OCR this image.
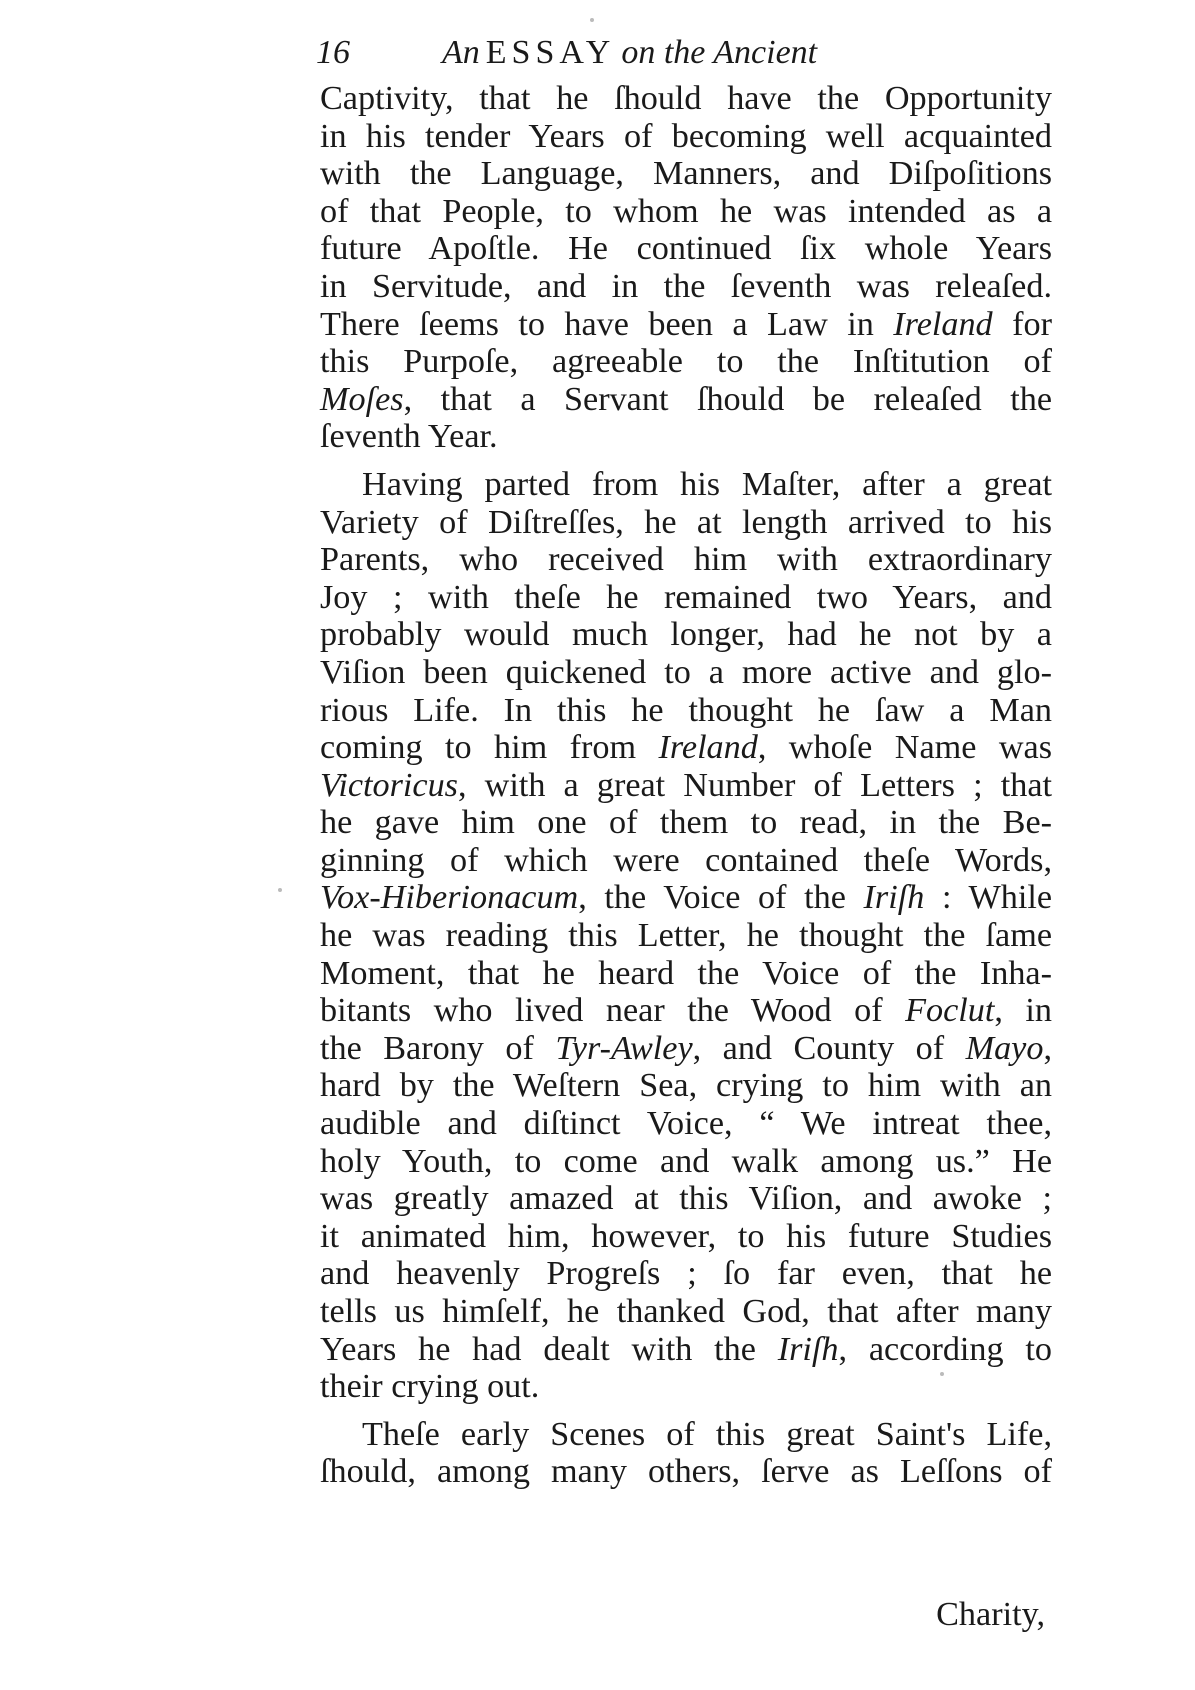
16	An ESSAY on the Ancient
Captivity, that he ſhould have the Opportunity
in his tender Years of becoming well acquainted
with the Language, Manners, and Diſpoſitions
of that People, to whom he was intended as a
future Apoſtle. He continued ſix whole Years
in Servitude, and in the ſeventh was releaſed.
There ſeems to have been a Law in Ireland for
this Purpoſe, agreeable to the Inſtitution of
Moſes, that a Servant ſhould be releaſed the
ſeventh Year.
Having parted from his Maſter, after a great
Variety of Diſtreſſes, he at length arrived to his
Parents, who received him with extraordinary
Joy ; with theſe he remained two Years, and
probably would much longer, had he not by a
Viſion been quickened to a more active and glo-
rious Life. In this he thought he ſaw a Man
coming to him from Ireland, whoſe Name was
Victoricus, with a great Number of Letters ; that
he gave him one of them to read, in the Be-
ginning of which were contained theſe Words,
Vox-Hiberionacum, the Voice of the Iriſh : While
he was reading this Letter, he thought the ſame
Moment, that he heard the Voice of the Inha-
bitants who lived near the Wood of Foclut, in
the Barony of Tyr-Awley, and County of Mayo,
hard by the Weſtern Sea, crying to him with an
audible and diſtinct Voice, “ We intreat thee,
holy Youth, to come and walk among us.” He
was greatly amazed at this Viſion, and awoke ;
it animated him, however, to his future Studies
and heavenly Progreſs ; ſo far even, that he
tells us himſelf, he thanked God, that after many
Years he had dealt with the Iriſh, according to
their crying out.
Theſe early Scenes of this great Saint's Life,
ſhould, among many others, ſerve as Leſſons of
Charity,
